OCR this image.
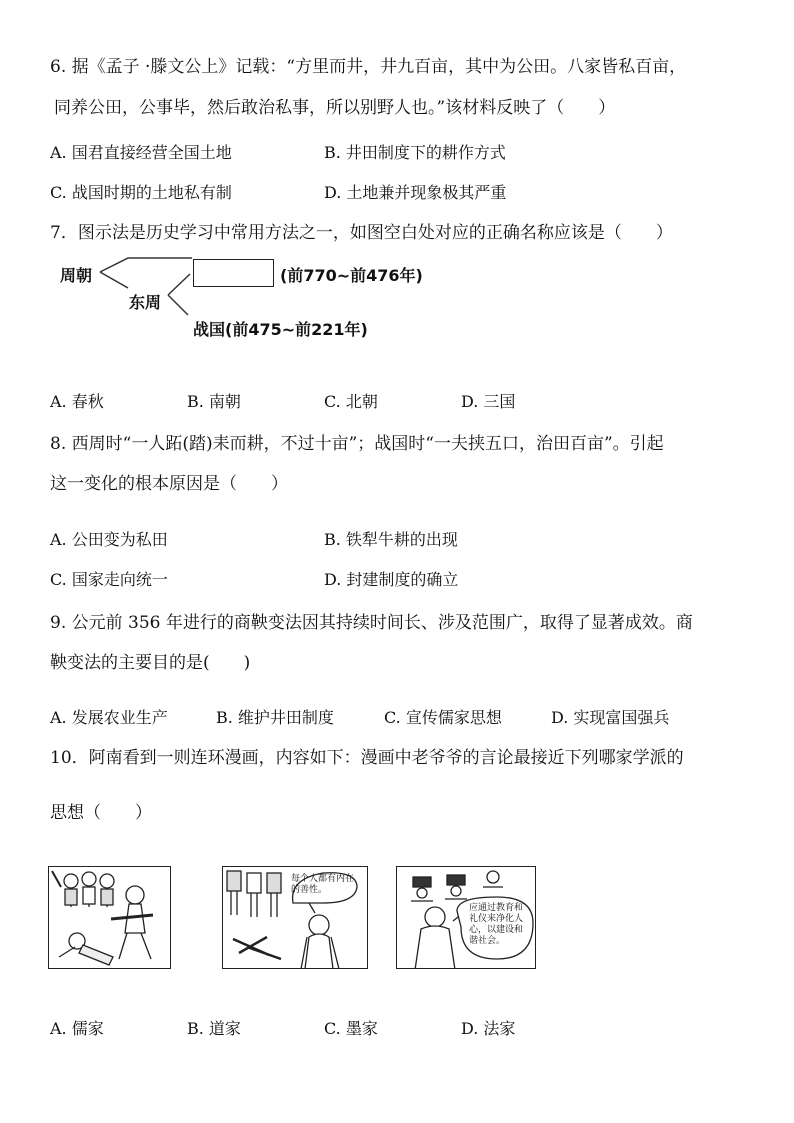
6. 据《孟子 ·滕文公上》记载：“方里而井，井九百亩，其中为公田。八家皆私百亩，
同养公田，公事毕，然后敢治私事，所以别野人也。”该材料反映了（　　）
A. 国君直接经营全国土地	B. 井田制度下的耕作方式
C. 战国时期的土地私有制	D. 土地兼并现象极其严重
7．图示法是历史学习中常用方法之一，如图空白处对应的正确名称应该是（　　）
周朝
东周
(前770~前476年)
战国(前475~前221年)
A. 春秋	B. 南朝	C. 北朝	D. 三国
8. 西周时“一人跖(踏)耒而耕，不过十亩”；战国时“一夫挟五口，治田百亩”。引起
这一变化的根本原因是（　　）
A. 公田变为私田	B. 铁犁牛耕的出现
C. 国家走向统一	D. 封建制度的确立
9. 公元前 356 年进行的商鞅变法因其持续时间长、涉及范围广，取得了显著成效。商
鞅变法的主要目的是(　　)
A. 发展农业生产	B. 维护井田制度	C. 宣传儒家思想	D. 实现富国强兵
10．阿南看到一则连环漫画，内容如下：漫画中老爷爷的言论最接近下列哪家学派的
思想（　　）
每个人都有内在的善性。
应通过教育和礼仪来净化人心，以建设和谐社会。
A. 儒家	B. 道家	C. 墨家	D. 法家
